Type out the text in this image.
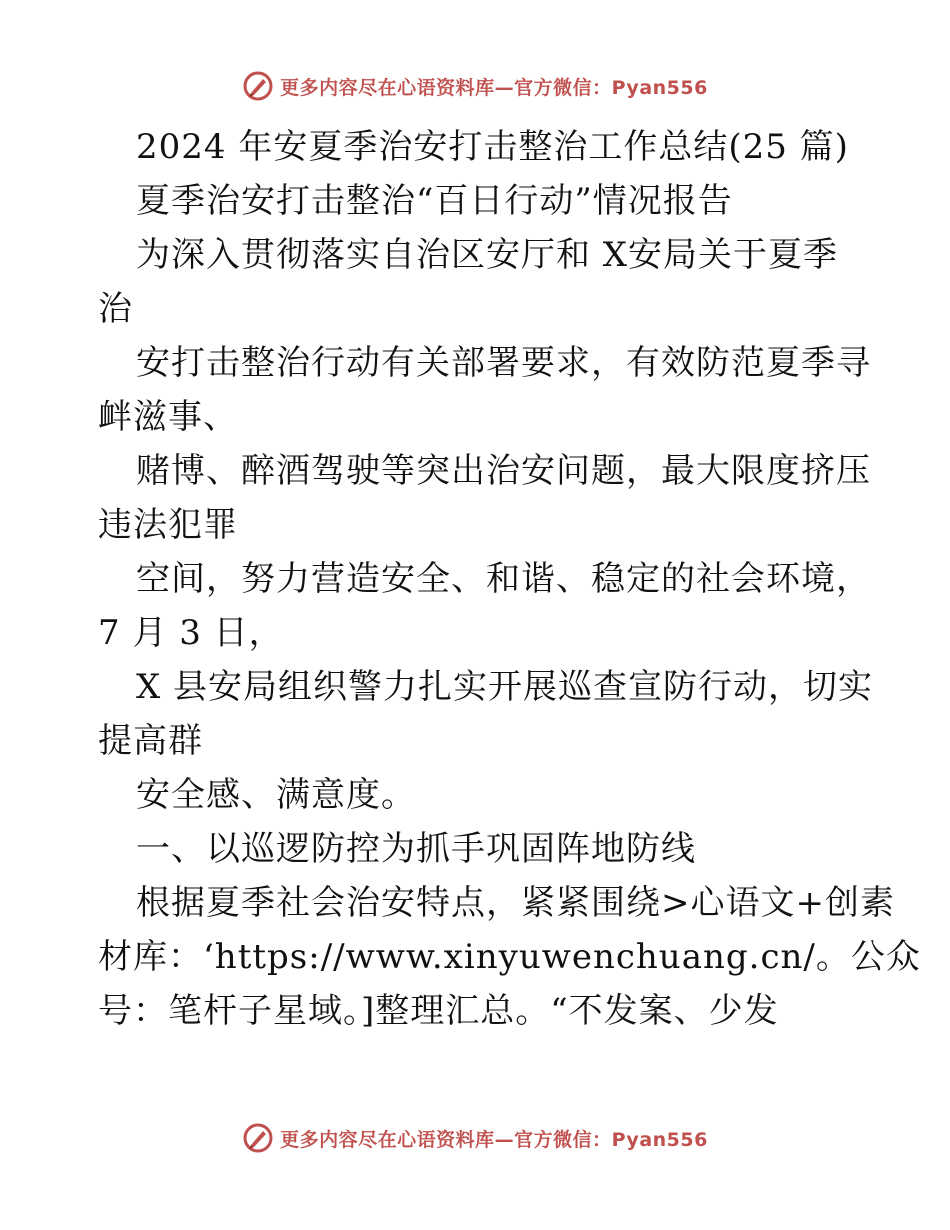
更多内容尽在心语资料库—官方微信：Pyan556
2024 年安夏季治安打击整治工作总结(25 篇)
夏季治安打击整治“百日行动”情况报告
为深入贯彻落实自治区安厅和 X安局关于夏季
治
安打击整治行动有关部署要求，有效防范夏季寻
衅滋事、
赌博、醉酒驾驶等突出治安问题，最大限度挤压
违法犯罪
空间，努力营造安全、和谐、稳定的社会环境，
7 月 3 日，
X 县安局组织警力扎实开展巡查宣防行动，切实
提高群
安全感、满意度。
一、以巡逻防控为抓手巩固阵地防线
根据夏季社会治安特点，紧紧围绕>心语文+创素
材库：‘https://www.xinyuwenchuang.cn/。公众
号：笔杆子星域。]整理汇总。“不发案、少发
更多内容尽在心语资料库—官方微信：Pyan556
